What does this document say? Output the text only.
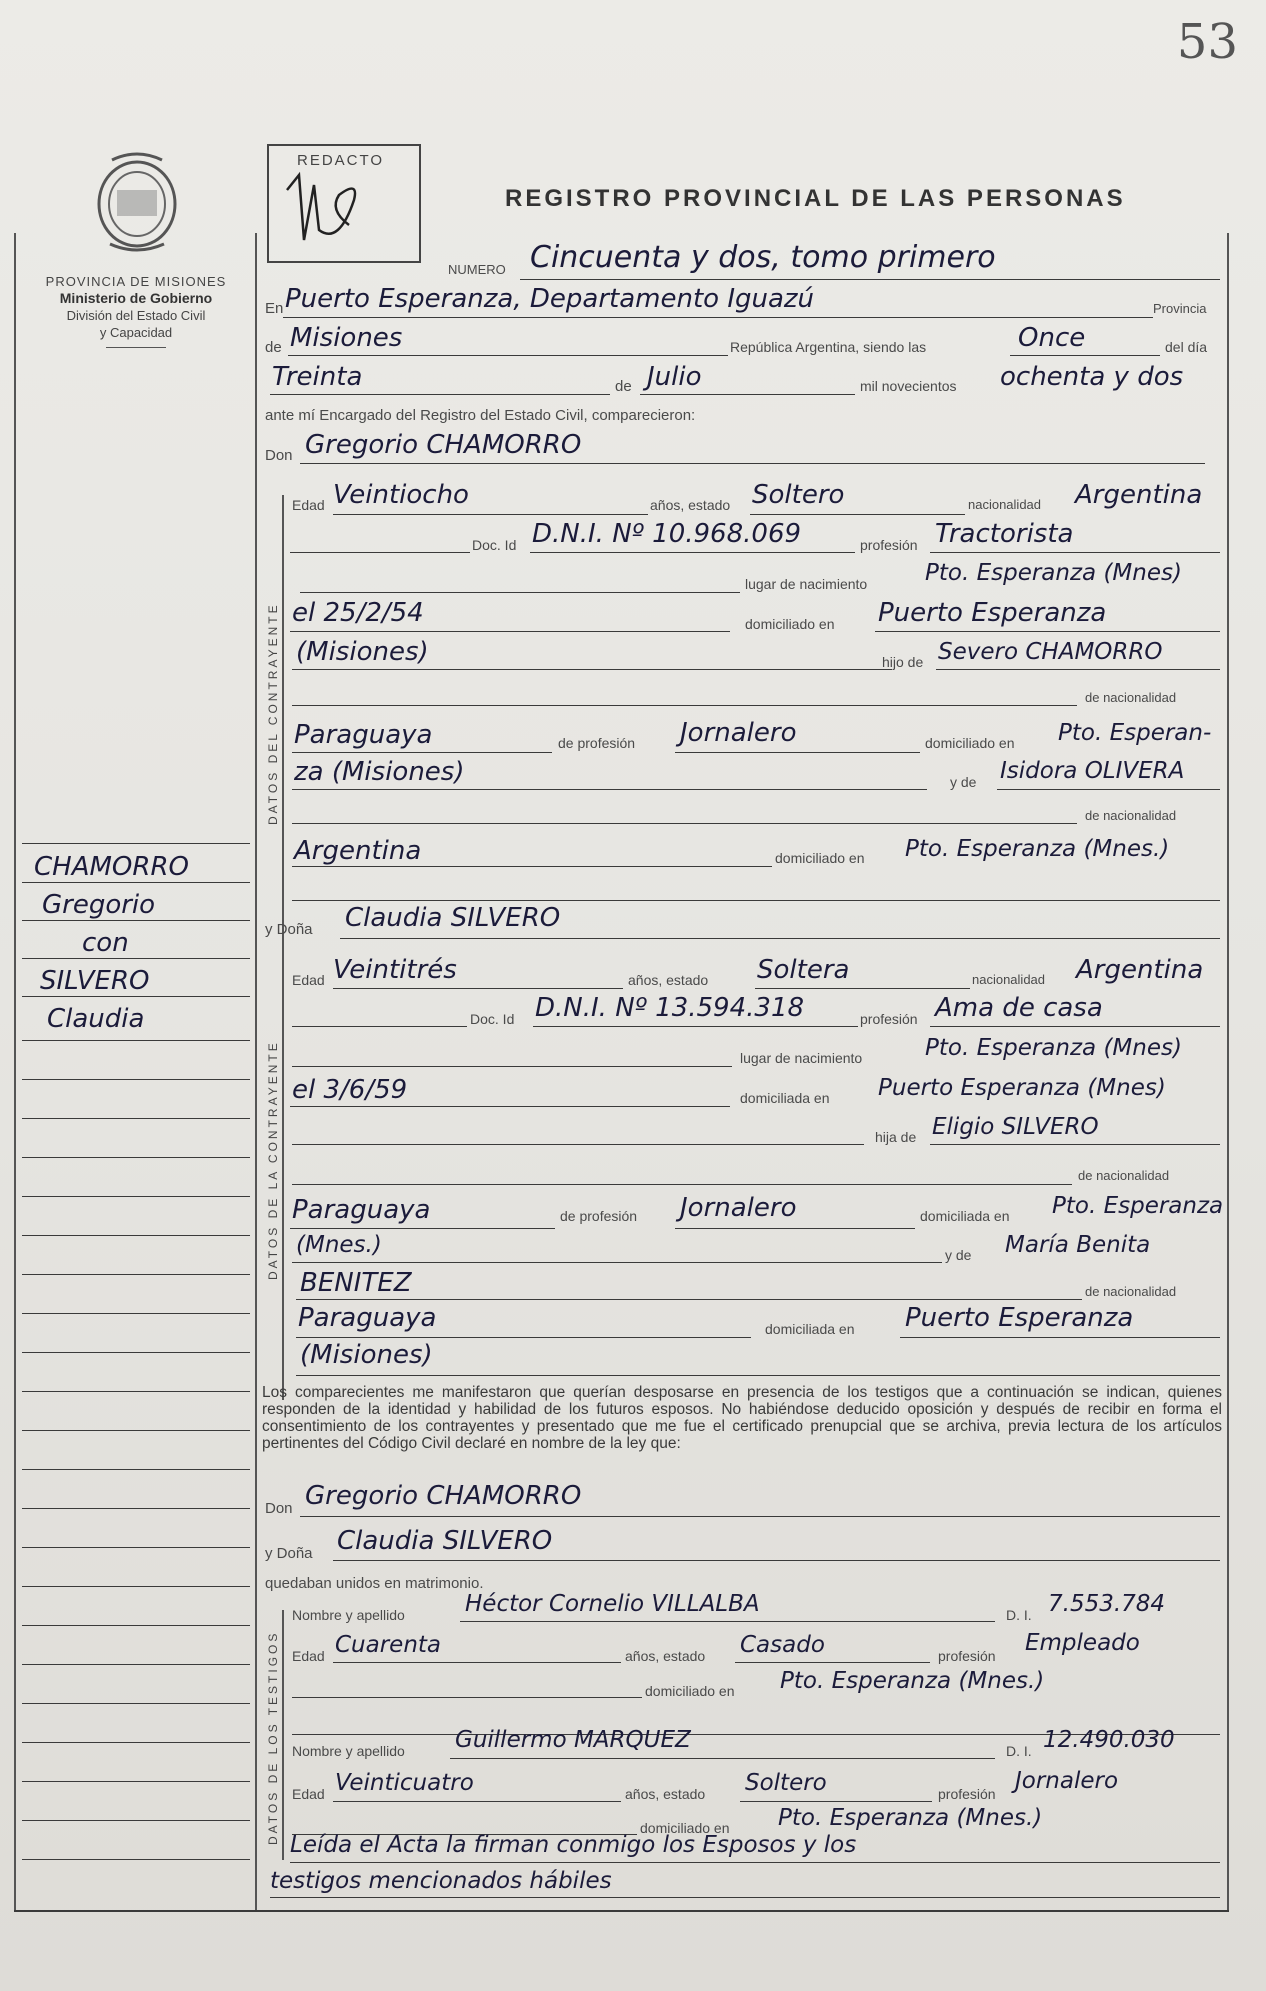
53
PROVINCIA DE MISIONES
Ministerio de Gobierno
División del Estado Civil
y Capacidad
REDACTO
REGISTRO PROVINCIAL DE LAS PERSONAS
CHAMORRO
Gregorio
con
SILVERO
Claudia
NUMERO Cincuenta y dos, tomo primero
En Puerto Esperanza, Departamento Iguazú	Provincia
de Misiones	República Argentina, siendo las	Once	del día
Treinta	de Julio	mil novecientos ochenta y dos
ante mí Encargado del Registro del Estado Civil, comparecieron:
Don Gregorio CHAMORRO
DATOS DEL CONTRAYENTE
Edad Veintiocho	años, estado Soltero	nacionalidad Argentina
Doc. Id D.N.I. Nº 10.968.069	profesión Tractorista
lugar de nacimiento	Pto. Esperanza (Mnes)
el 25/2/54	domiciliado en Puerto Esperanza
(Misiones)	hijo de Severo CHAMORRO
de nacionalidad
Paraguaya	de profesión Jornalero	domiciliado en Pto. Esperan-
za (Misiones)	y de Isidora OLIVERA
de nacionalidad
Argentina	domiciliado en Pto. Esperanza (Mnes.)
y Doña Claudia SILVERO
DATOS DE LA CONTRAYENTE
Edad Veintitrés	años, estado Soltera	nacionalidad Argentina
Doc. Id D.N.I. Nº 13.594.318	profesión Ama de casa
lugar de nacimiento	Pto. Esperanza (Mnes)
el 3/6/59	domiciliada en Puerto Esperanza (Mnes)
hija de Eligio SILVERO
de nacionalidad
Paraguaya	de profesión Jornalero	domiciliada en Pto. Esperanza
(Mnes.)	y de María Benita
BENITEZ	de nacionalidad
Paraguaya	domiciliada en Puerto Esperanza
(Misiones)
Los comparecientes me manifestaron que querían desposarse en presencia de los testigos que a continuación se indican, quienes responden de la identidad y habilidad de los futuros esposos. No habiéndose deducido oposición y después de recibir en forma el consentimiento de los contrayentes y presentado que me fue el certificado prenupcial que se archiva, previa lectura de los artículos pertinentes del Código Civil declaré en nombre de la ley que:
Don Gregorio CHAMORRO
y Doña Claudia SILVERO
quedaban unidos en matrimonio.
DATOS DE LOS TESTIGOS
Nombre y apellido	Héctor Cornelio VILLALBA	D. I. 7.553.784
Edad Cuarenta	años, estado Casado	profesión Empleado
domiciliado en Pto. Esperanza (Mnes.)
Nombre y apellido Guillermo MARQUEZ	D. I. 12.490.030
Edad Veinticuatro	años, estado Soltero	profesión Jornalero
domiciliado en Pto. Esperanza (Mnes.)
Leída el Acta la firman conmigo los Esposos y los
testigos mencionados hábiles
